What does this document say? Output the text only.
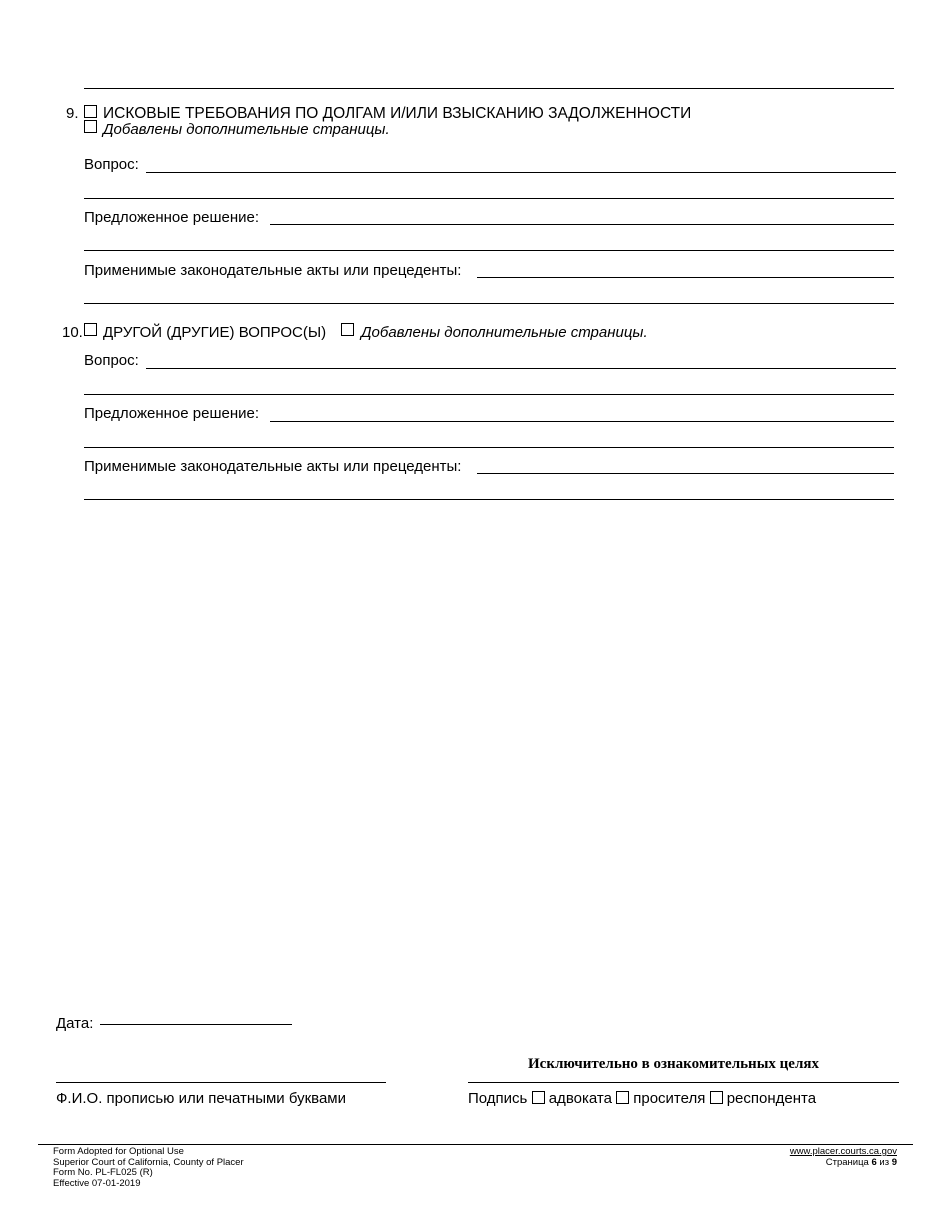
9. ИСКОВЫЕ ТРЕБОВАНИЯ ПО ДОЛГАМ И/ИЛИ ВЗЫСКАНИЮ ЗАДОЛЖЕННОСТИ
Добавлены дополнительные страницы.
Вопрос:
Предложенное решение:
Применимые законодательные акты или прецеденты:
10. ДРУГОЙ (ДРУГИЕ) ВОПРОС(Ы) Добавлены дополнительные страницы.
Вопрос:
Предложенное решение:
Применимые законодательные акты или прецеденты:
Дата:
Исключительно в ознакомительных целях
Ф.И.О. прописью или печатными буквами	Подпись адвоката просителя респондента
Form Adopted for Optional Use
Superior Court of California, County of Placer
Form No. PL-FL025 (R)
Effective 07-01-2019
www.placer.courts.ca.gov
Страница 6 из 9
